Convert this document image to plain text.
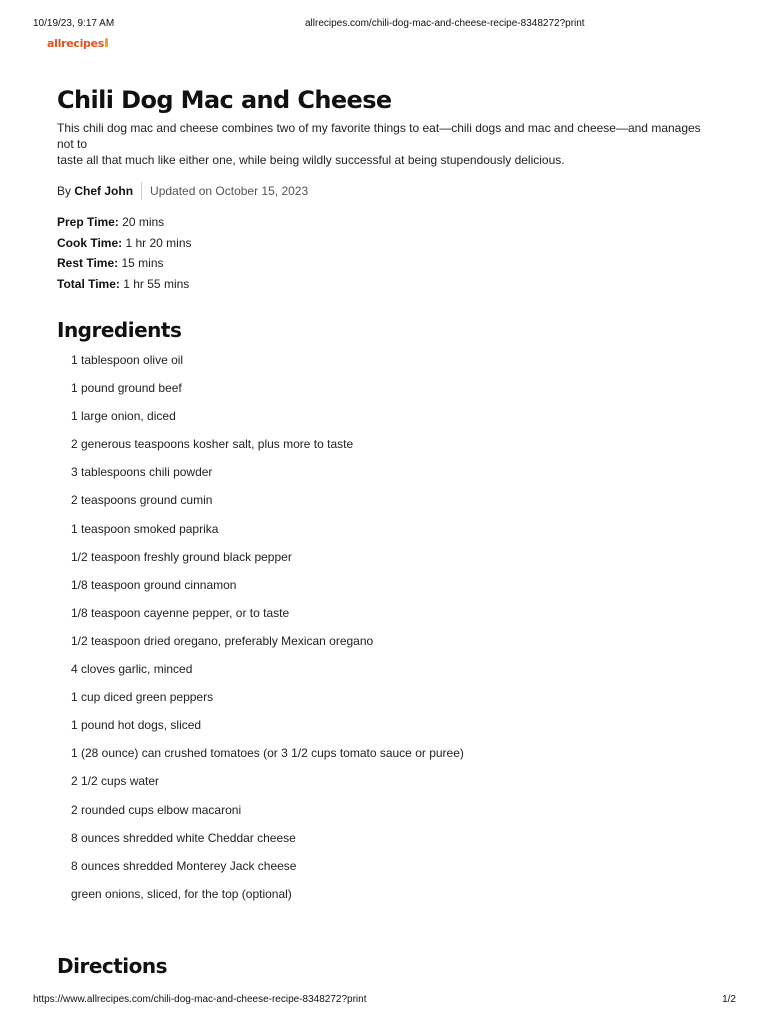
10/19/23, 9:17 AM	allrecipes.com/chili-dog-mac-and-cheese-recipe-8348272?print
allrecipes
Chili Dog Mac and Cheese

This chili dog mac and cheese combines two of my favorite things to eat—chili dogs and mac and cheese—and manages not to
taste all that much like either one, while being wildly successful at being stupendously delicious.

By
Chef John Updated on October 15, 2023
Prep Time: 20 mins
Cook Time: 1 hr 20 mins
Rest Time: 15 mins
Total Time: 1 hr 55 mins
Ingredients
1 tablespoon olive oil
1 pound ground beef
1 large onion, diced
2 generous teaspoons kosher salt, plus more to taste
3 tablespoons chili powder
2 teaspoons ground cumin
1 teaspoon smoked paprika
1/2 teaspoon freshly ground black pepper
1/8 teaspoon ground cinnamon
1/8 teaspoon cayenne pepper, or to taste
1/2 teaspoon dried oregano, preferably Mexican oregano
4 cloves garlic, minced
1 cup diced green peppers
1 pound hot dogs, sliced
1 (28 ounce) can crushed tomatoes (or 3 1/2 cups tomato sauce or puree)
2 1/2 cups water
2 rounded cups elbow macaroni
8 ounces shredded white Cheddar cheese
8 ounces shredded Monterey Jack cheese
green onions, sliced, for the top (optional)
Directions
https://www.allrecipes.com/chili-dog-mac-and-cheese-recipe-8348272?print	1/2
